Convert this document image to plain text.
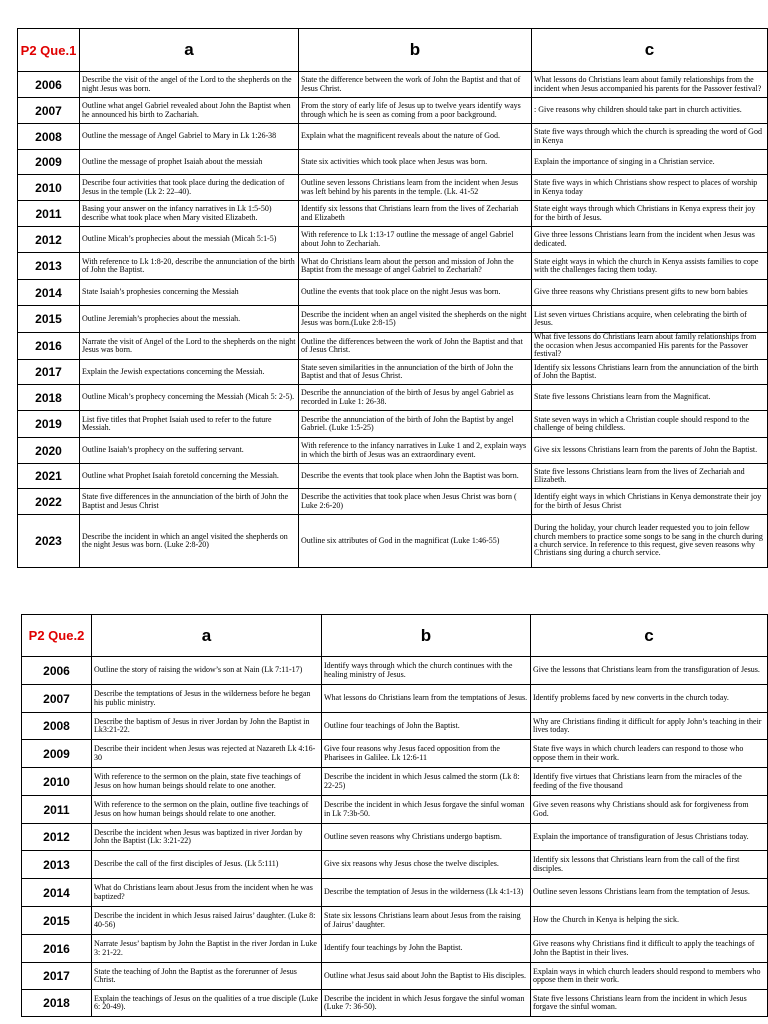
P2 Que.1	a	b	c
2006	Describe the visit of the angel of the Lord to the shepherds on the night Jesus was born.	State the difference between the work of John the Baptist and that of Jesus Christ.	What lessons do Christians learn about family relationships from the incident when Jesus accompanied his parents for the Passover festival?
2007	Outline what angel Gabriel revealed about John the Baptist when he announced his birth to Zachariah.	From the story of early life of Jesus up to twelve years identify ways through which he is seen as coming from a poor background.	: Give reasons why children should take part in church activities.
2008	Outline the message of Angel Gabriel to Mary in Lk 1:26-38	Explain what the magnificent reveals about the nature of God.	State five ways through which the church is spreading the word of God in Kenya
2009	Outline the message of prophet Isaiah about the messiah	State six activities which took place when Jesus was born.	Explain the importance of singing in a Christian service.
2010	Describe four activities that took place during the dedication of Jesus in the temple (Lk 2: 22–40).	Outline seven lessons Christians learn from the incident when Jesus was left behind by his parents in the temple. (Lk. 41-52	State five ways in which Christians show respect to places of worship in Kenya today
2011	Basing your answer on the infancy narratives in Lk 1:5-50) describe what took place when Mary visited Elizabeth.	Identify six lessons that Christians learn from the lives of Zechariah and Elizabeth	State eight ways through which Christians in Kenya express their joy for the birth of Jesus.
2012	Outline Micah’s prophecies about the messiah (Micah 5:1-5)	With reference to Lk 1:13-17 outline the message of angel Gabriel about John to Zechariah.	Give three lessons Christians learn from the incident when Jesus was dedicated.
2013	With reference to Lk 1:8-20, describe the annunciation of the birth of John the Baptist.	What do Christians learn about the person and mission of John the Baptist from the message of angel Gabriel to Zechariah?	State eight ways in which the church in Kenya assists families to cope with the challenges facing them today.
2014	State Isaiah’s prophesies concerning the Messiah	Outline the events that took place on the night Jesus was born.	Give three reasons why Christians present gifts to new born babies
2015	Outline Jeremiah’s prophecies about the messiah.	Describe the incident when an angel visited the shepherds on the night Jesus was born.(Luke 2:8-15)	List seven virtues Christians acquire, when celebrating the birth of Jesus.
2016	Narrate the visit of Angel of the Lord to the shepherds on the night Jesus was born.	Outline the differences between the work of John the Baptist and that of Jesus Christ.	What five lessons do Christians learn about family relationships from the occasion when Jesus accompanied His parents for the Passover festival?
2017	Explain the Jewish expectations concerning the Messiah.	State seven similarities in the annunciation of the birth of John the Baptist and that of Jesus Christ.	Identify six lessons Christians learn from the annunciation of the birth of John the Baptist.
2018	Outline Micah’s prophecy concerning the Messiah (Micah 5: 2-5).	Describe the annunciation of the birth of Jesus by angel Gabriel as recorded in Luke 1: 26-38.	State five lessons Christians learn from the Magnificat.
2019	List five titles that Prophet Isaiah used to refer to the future Messiah.	Describe the annunciation of the birth of John the Baptist by angel Gabriel. (Luke 1:5-25)	State seven ways in which a Christian couple should respond to the challenge of being childless.
2020	Outline Isaiah’s prophecy on the suffering servant.	With reference to the infancy narratives in Luke 1 and 2, explain ways in which the birth of Jesus was an extraordinary event.	Give six lessons Christians learn from the parents of John the Baptist.
2021	Outline what Prophet Isaiah foretold concerning the Messiah.	Describe the events that took place when John the Baptist was born.	State five lessons Christians learn from the lives of Zechariah and Elizabeth.
2022	State five differences in the annunciation of the birth of John the Baptist and Jesus Christ	Describe the activities that took place when Jesus Christ was born ( Luke 2:6-20)	Identify eight ways in which Christians in Kenya demonstrate their joy for the birth of Jesus Christ
2023	Describe the incident in which an angel visited the shepherds on the night Jesus was born. (Luke 2:8-20)	Outline six attributes of God in the magnificat (Luke 1:46-55)	During the holiday, your church leader requested you to join fellow church members to practice some songs to be sang in the church during a church service. In reference to this request, give seven reasons why Christians sing during a church service.
P2 Que.2	a	b	c
2006	Outline the story of raising the widow’s son at Nain (Lk 7:11-17)	Identify ways through which the church continues with the healing ministry of Jesus.	Give the lessons that Christians learn from the transfiguration of Jesus.
2007	Describe the temptations of Jesus in the wilderness before he began his public ministry.	What lessons do Christians learn from the temptations of Jesus.	Identify problems faced by new converts in the church today.
2008	Describe the baptism of Jesus in river Jordan by John the Baptist in Lk3:21-22.	Outline four teachings of John the Baptist.	Why are Christians finding it difficult for apply John’s teaching in their lives today.
2009	Describe their incident when Jesus was rejected at Nazareth Lk 4:16-30	Give four reasons why Jesus faced opposition from the Pharisees in Galilee. Lk 12:6-11	State five ways in which church leaders can respond to those who oppose them in their work.
2010	With reference to the sermon on the plain, state five teachings of Jesus on how human beings should relate to one another.	Describe the incident in which Jesus calmed the storm (Lk 8: 22-25)	Identify five virtues that Christians learn from the miracles of the feeding of the five thousand
2011	With reference to the sermon on the plain, outline five teachings of Jesus on how human beings should relate to one another.	Describe the incident in which Jesus forgave the sinful woman in Lk 7:3b-50.	Give seven reasons why Christians should ask for forgiveness from God.
2012	Describe the incident when Jesus was baptized in river Jordan by John the Baptist (Lk: 3:21-22)	Outline seven reasons why Christians undergo baptism.	Explain the importance of transfiguration of Jesus Christians today.
2013	Describe the call of the first disciples of Jesus. (Lk 5:111)	Give six reasons why Jesus chose the twelve disciples.	Identify six lessons that Christians learn from the call of the first disciples.
2014	What do Christians learn about Jesus from the incident when he was baptized?	Describe the temptation of Jesus in the wilderness (Lk 4:1-13)	Outline seven lessons Christians learn from the temptation of Jesus.
2015	Describe the incident in which Jesus raised Jairus’ daughter. (Luke 8: 40-56)	State six lessons Christians learn about Jesus from the raising of Jairus’ daughter.	How the Church in Kenya is helping the sick.
2016	Narrate Jesus’ baptism by John the Baptist in the river Jordan in Luke 3: 21-22.	Identify four teachings by John the Baptist.	Give reasons why Christians find it difficult to apply the teachings of John the Baptist in their lives.
2017	State the teaching of John the Baptist as the forerunner of Jesus Christ.	Outline what Jesus said about John the Baptist to His disciples.	Explain ways in which church leaders should respond to members who oppose them in their work.
2018	Explain the teachings of Jesus on the qualities of a true disciple (Luke 6: 20-49).	Describe the incident in which Jesus forgave the sinful woman (Luke 7: 36-50).	State five lessons Christians learn from the incident in which Jesus forgave the sinful woman.
